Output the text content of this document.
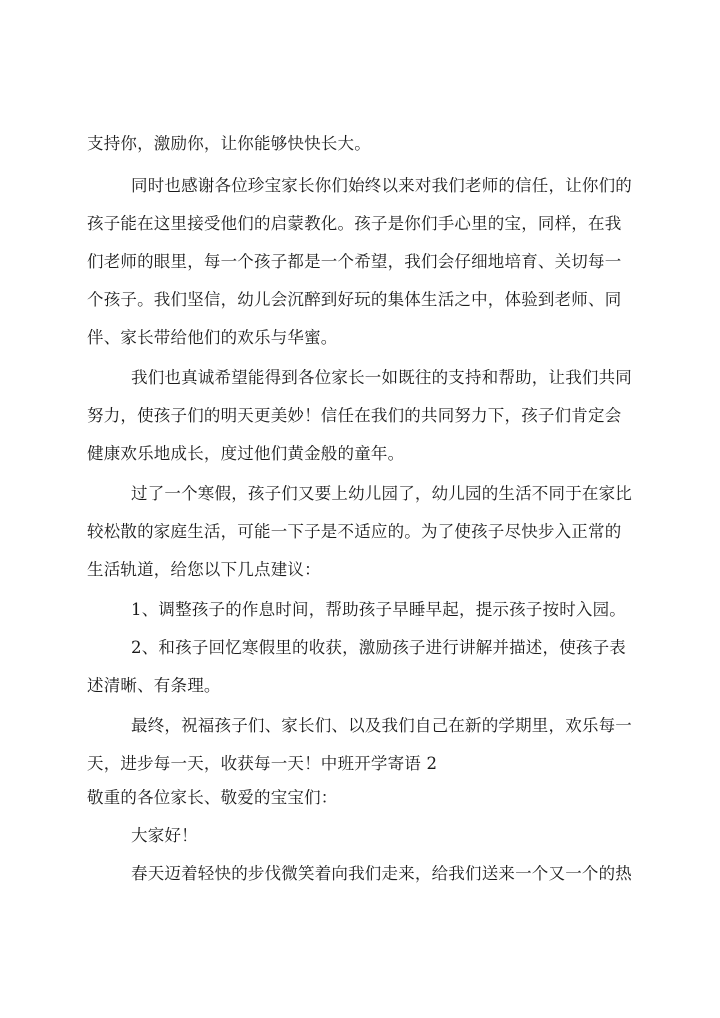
支持你，激励你，让你能够快快长大。
同时也感谢各位珍宝家长你们始终以来对我们老师的信任，让你们的
孩子能在这里接受他们的启蒙教化。孩子是你们手心里的宝，同样，在我
们老师的眼里，每一个孩子都是一个希望，我们会仔细地培育、关切每一
个孩子。我们坚信，幼儿会沉醉到好玩的集体生活之中，体验到老师、同
伴、家长带给他们的欢乐与华蜜。
我们也真诚希望能得到各位家长一如既往的支持和帮助，让我们共同
努力，使孩子们的明天更美妙！信任在我们的共同努力下，孩子们肯定会
健康欢乐地成长，度过他们黄金般的童年。
过了一个寒假，孩子们又要上幼儿园了，幼儿园的生活不同于在家比
较松散的家庭生活，可能一下子是不适应的。为了使孩子尽快步入正常的
生活轨道，给您以下几点建议：
1、调整孩子的作息时间，帮助孩子早睡早起，提示孩子按时入园。
2、和孩子回忆寒假里的收获，激励孩子进行讲解并描述，使孩子表
述清晰、有条理。
最终，祝福孩子们、家长们、以及我们自己在新的学期里，欢乐每一
天，进步每一天，收获每一天！中班开学寄语 2
敬重的各位家长、敬爱的宝宝们：
大家好！
春天迈着轻快的步伐微笑着向我们走来，给我们送来一个又一个的热
